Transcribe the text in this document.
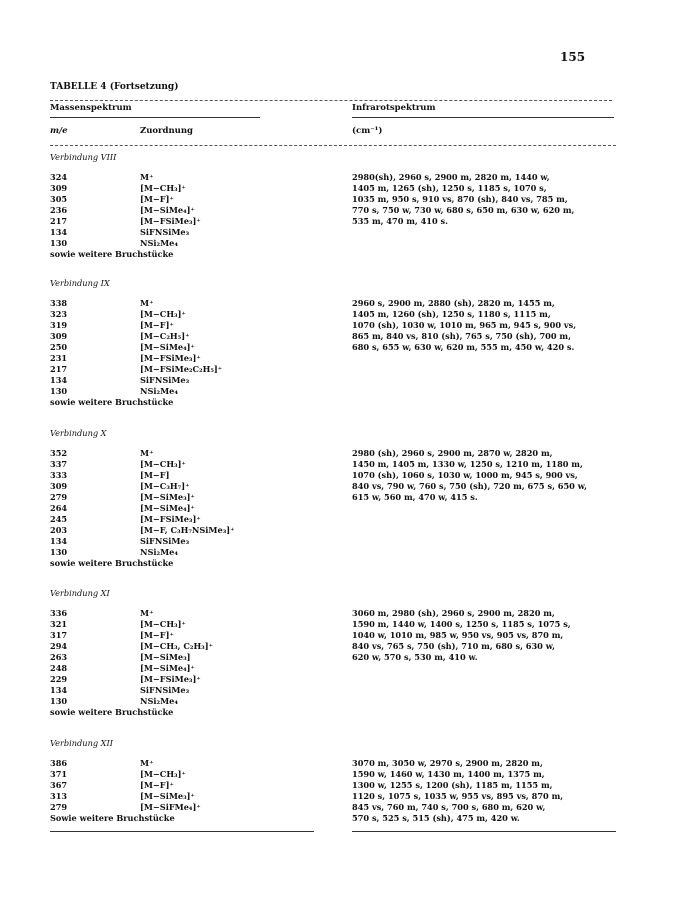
155
TABELLE 4 (Fortsetzung)
Massenspektrum	Infrarotspektrum
m/e	Zuordnung	(cm⁻¹)
Verbindung VIII
324	M⁺	2980(sh), 2960 s, 2900 m, 2820 m, 1440 w,
309	[M−CH₃]⁺	1405 m, 1265 (sh), 1250 s, 1185 s, 1070 s,
305	[M−F]⁺	1035 m, 950 s, 910 vs, 870 (sh), 840 vs, 785 m,
236	[M−SiMe₄]⁺	770 s, 750 w, 730 w, 680 s, 650 m, 630 w, 620 m,
217	[M−FSiMe₃]⁺	535 m, 470 m, 410 s.
134	SiFNSiMe₃
130	NSi₂Me₄
sowie weitere Bruchstücke
Verbindung IX
338	M⁺	2960 s, 2900 m, 2880 (sh), 2820 m, 1455 m,
323	[M−CH₃]⁺	1405 m, 1260 (sh), 1250 s, 1180 s, 1115 m,
319	[M−F]⁺	1070 (sh), 1030 w, 1010 m, 965 m, 945 s, 900 vs,
309	[M−C₂H₅]⁺	865 m, 840 vs, 810 (sh), 765 s, 750 (sh), 700 m,
250	[M−SiMe₄]⁺	680 s, 655 w, 630 w, 620 m, 555 m, 450 w, 420 s.
231	[M−FSiMe₃]⁺
217	[M−FSiMe₂C₂H₅]⁺
134	SiFNSiMe₃
130	NSi₂Me₄
sowie weitere Bruchstücke
Verbindung X
352	M⁺	2980 (sh), 2960 s, 2900 m, 2870 w, 2820 m,
337	[M−CH₃]⁺	1450 m, 1405 m, 1330 w, 1250 s, 1210 m, 1180 m,
333	[M−F]	1070 (sh), 1060 s, 1030 w, 1000 m, 945 s, 900 vs,
309	[M−C₃H₇]⁺	840 vs, 790 w, 760 s, 750 (sh), 720 m, 675 s, 650 w,
279	[M−SiMe₃]⁺	615 w, 560 m, 470 w, 415 s.
264	[M−SiMe₄]⁺
245	[M−FSiMe₃]⁺
203	[M−F, C₃H₇NSiMe₃]⁺
134	SiFNSiMe₃
130	NSi₂Me₄
sowie weitere Bruchstücke
Verbindung XI
336	M⁺	3060 m, 2980 (sh), 2960 s, 2900 m, 2820 m,
321	[M−CH₃]⁺	1590 m, 1440 w, 1400 s, 1250 s, 1185 s, 1075 s,
317	[M−F]⁺	1040 w, 1010 m, 985 w, 950 vs, 905 vs, 870 m,
294	[M−CH₃, C₂H₃]⁺	840 vs, 765 s, 750 (sh), 710 m, 680 s, 630 w,
263	[M−SiMe₃]	620 w, 570 s, 530 m, 410 w.
248	[M−SiMe₄]⁺
229	[M−FSiMe₃]⁺
134	SiFNSiMe₃
130	NSi₂Me₄
sowie weitere Bruchstücke
Verbindung XII
386	M⁺	3070 m, 3050 w, 2970 s, 2900 m, 2820 m,
371	[M−CH₃]⁺	1590 w, 1460 w, 1430 m, 1400 m, 1375 m,
367	[M−F]⁺	1300 w, 1255 s, 1200 (sh), 1185 m, 1155 m,
313	[M−SiMe₃]⁺	1120 s, 1075 s, 1035 w, 955 vs, 895 vs, 870 m,
279	[M−SiFMe₄]⁺	845 vs, 760 m, 740 s, 700 s, 680 m, 620 w,
Sowie weitere Bruchstücke	570 s, 525 s, 515 (sh), 475 m, 420 w.
